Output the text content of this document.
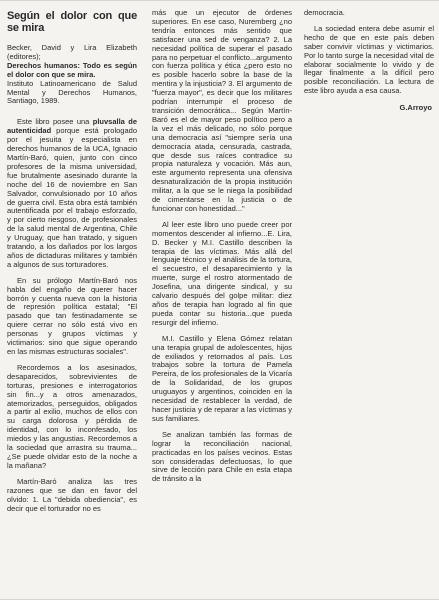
Según el dolor con que se mira
Becker, David y Lira Elizabeth (editores);
Derechos humanos: Todo es según el dolor con que se mira.
Instituto Latinoamericano de Salud Mental y Derechos Humanos, Santiago, 1989.

Este libro posee una pluvsalla de autenticidad porque está prologado por el jesuita y especialista en derechos humanos de la UCA, Ignacio Martín-Baró, quien, junto con cinco profesores de la misma universidad, fue brutalmente asesinado durante la noche del 16 de noviembre en San Salvador, convulsionado por 10 años de guerra civil. Esta obra está también autentificada por el trabajo esforzado, y por cierto riesgoso, de profesionales de la salud mental de Argentina, Chile y Uruguay, que han tratado, y siguen tratando, a los dañados por los largos años de dictaduras militares y también a algunos de sus torturadores.

En su prólogo Martín-Baró nos habla del engaño de querer hacer borrón y cuenta nueva con la historia de represión política estatal; "El pasado que tan festinadamente se quiere cerrar no sólo está vivo en personas y grupos víctimas y victimarios: sino que sigue operando en las mismas estructuras sociales".

Recordemos a los asesinados, desaparecidos, sobrevivientes de torturas, presiones e interrogatorios sin fin...y a otros amenazados, atemorizados, perseguidos, obligados a partir al exilio, muchos de ellos con su carga dolorosa y pérdida de identidad, con lo inconfesado, los miedos y las angustias. Recordemos a la sociedad que arrastra su trauma...¿Se puede olvidar esto de la noche a la mañana?

Martín-Baró analiza las tres razones que se dan en favor del olvido: 1. La "debida obediencia", es decir que el torturador no es

más que un ejecutor de órdenes superiores. En ese caso, Nuremberg ¿no tendría entonces más sentido que satisfacer una sed de venganza? 2. La necesidad política de superar el pasado para no perpetuar el conflicto...argumento con fuerza política y ética ¿pero esto no es posible hacerlo sobre la base de la mentira y la injusticia? 3. El argumento de "fuerza mayor", es decir que los militares podrían interrumpir el proceso de transición democrática... Según Martín-Baró es el de mayor peso político pero a la vez el más delicado, no sólo porque una democracia así "siempre sería una democracia atada, censurada, castrada, que desde sus raíces contradice su propia naturaleza y vocación. Más aun, este argumento representa una ofensiva desnaturalización de la propia institución militar, a la que se le niega la posibilidad de cimentarse en la justicia o de funcionar con honestidad..."

Al leer este libro uno puede creer por momentos descender al infierno...E. Lira, D. Becker y M.I. Castillo describen la terapia de las víctimas. Más allá del lenguaje técnico y el análisis de la tortura, el secuestro, el desaparecimiento y la muerte, surge el rostro atormentado de Josefina, una dirigente sindical, y su calvario después del golpe militar: diez años de terapia han logrado al fin que pueda contar su historia...que pueda resurgir del infierno.

M.I. Castillo y Elena Gómez relatan una terapia grupal de adolescentes, hijos de exiliados y retornados al país. Los trabajos sobre la tortura de Pamela Pereira, de los profesionales de la Vicaría de la Solidaridad, de los grupos uruguayos y argentinos, coinciden en la necesidad de restablecer la verdad, de hacer justicia y de reparar a las víctimas y sus familiares.

Se analizan también las formas de lograr la reconciliación nacional, practicadas en los países vecinos. Estas son consideradas defectuosas, lo que sirve de lección para Chile en esta etapa de tránsito a la

democracia.

La sociedad entera debe asumir el hecho de que en este país deben saber convivir víctimas y victimarios. Por lo tanto surge la necesidad vital de elaborar socialmente lo vivido y de llegar finalmente a la difícil pero posible reconciliación. La lectura de este libro ayuda a esa causa.

G.Arroyo
